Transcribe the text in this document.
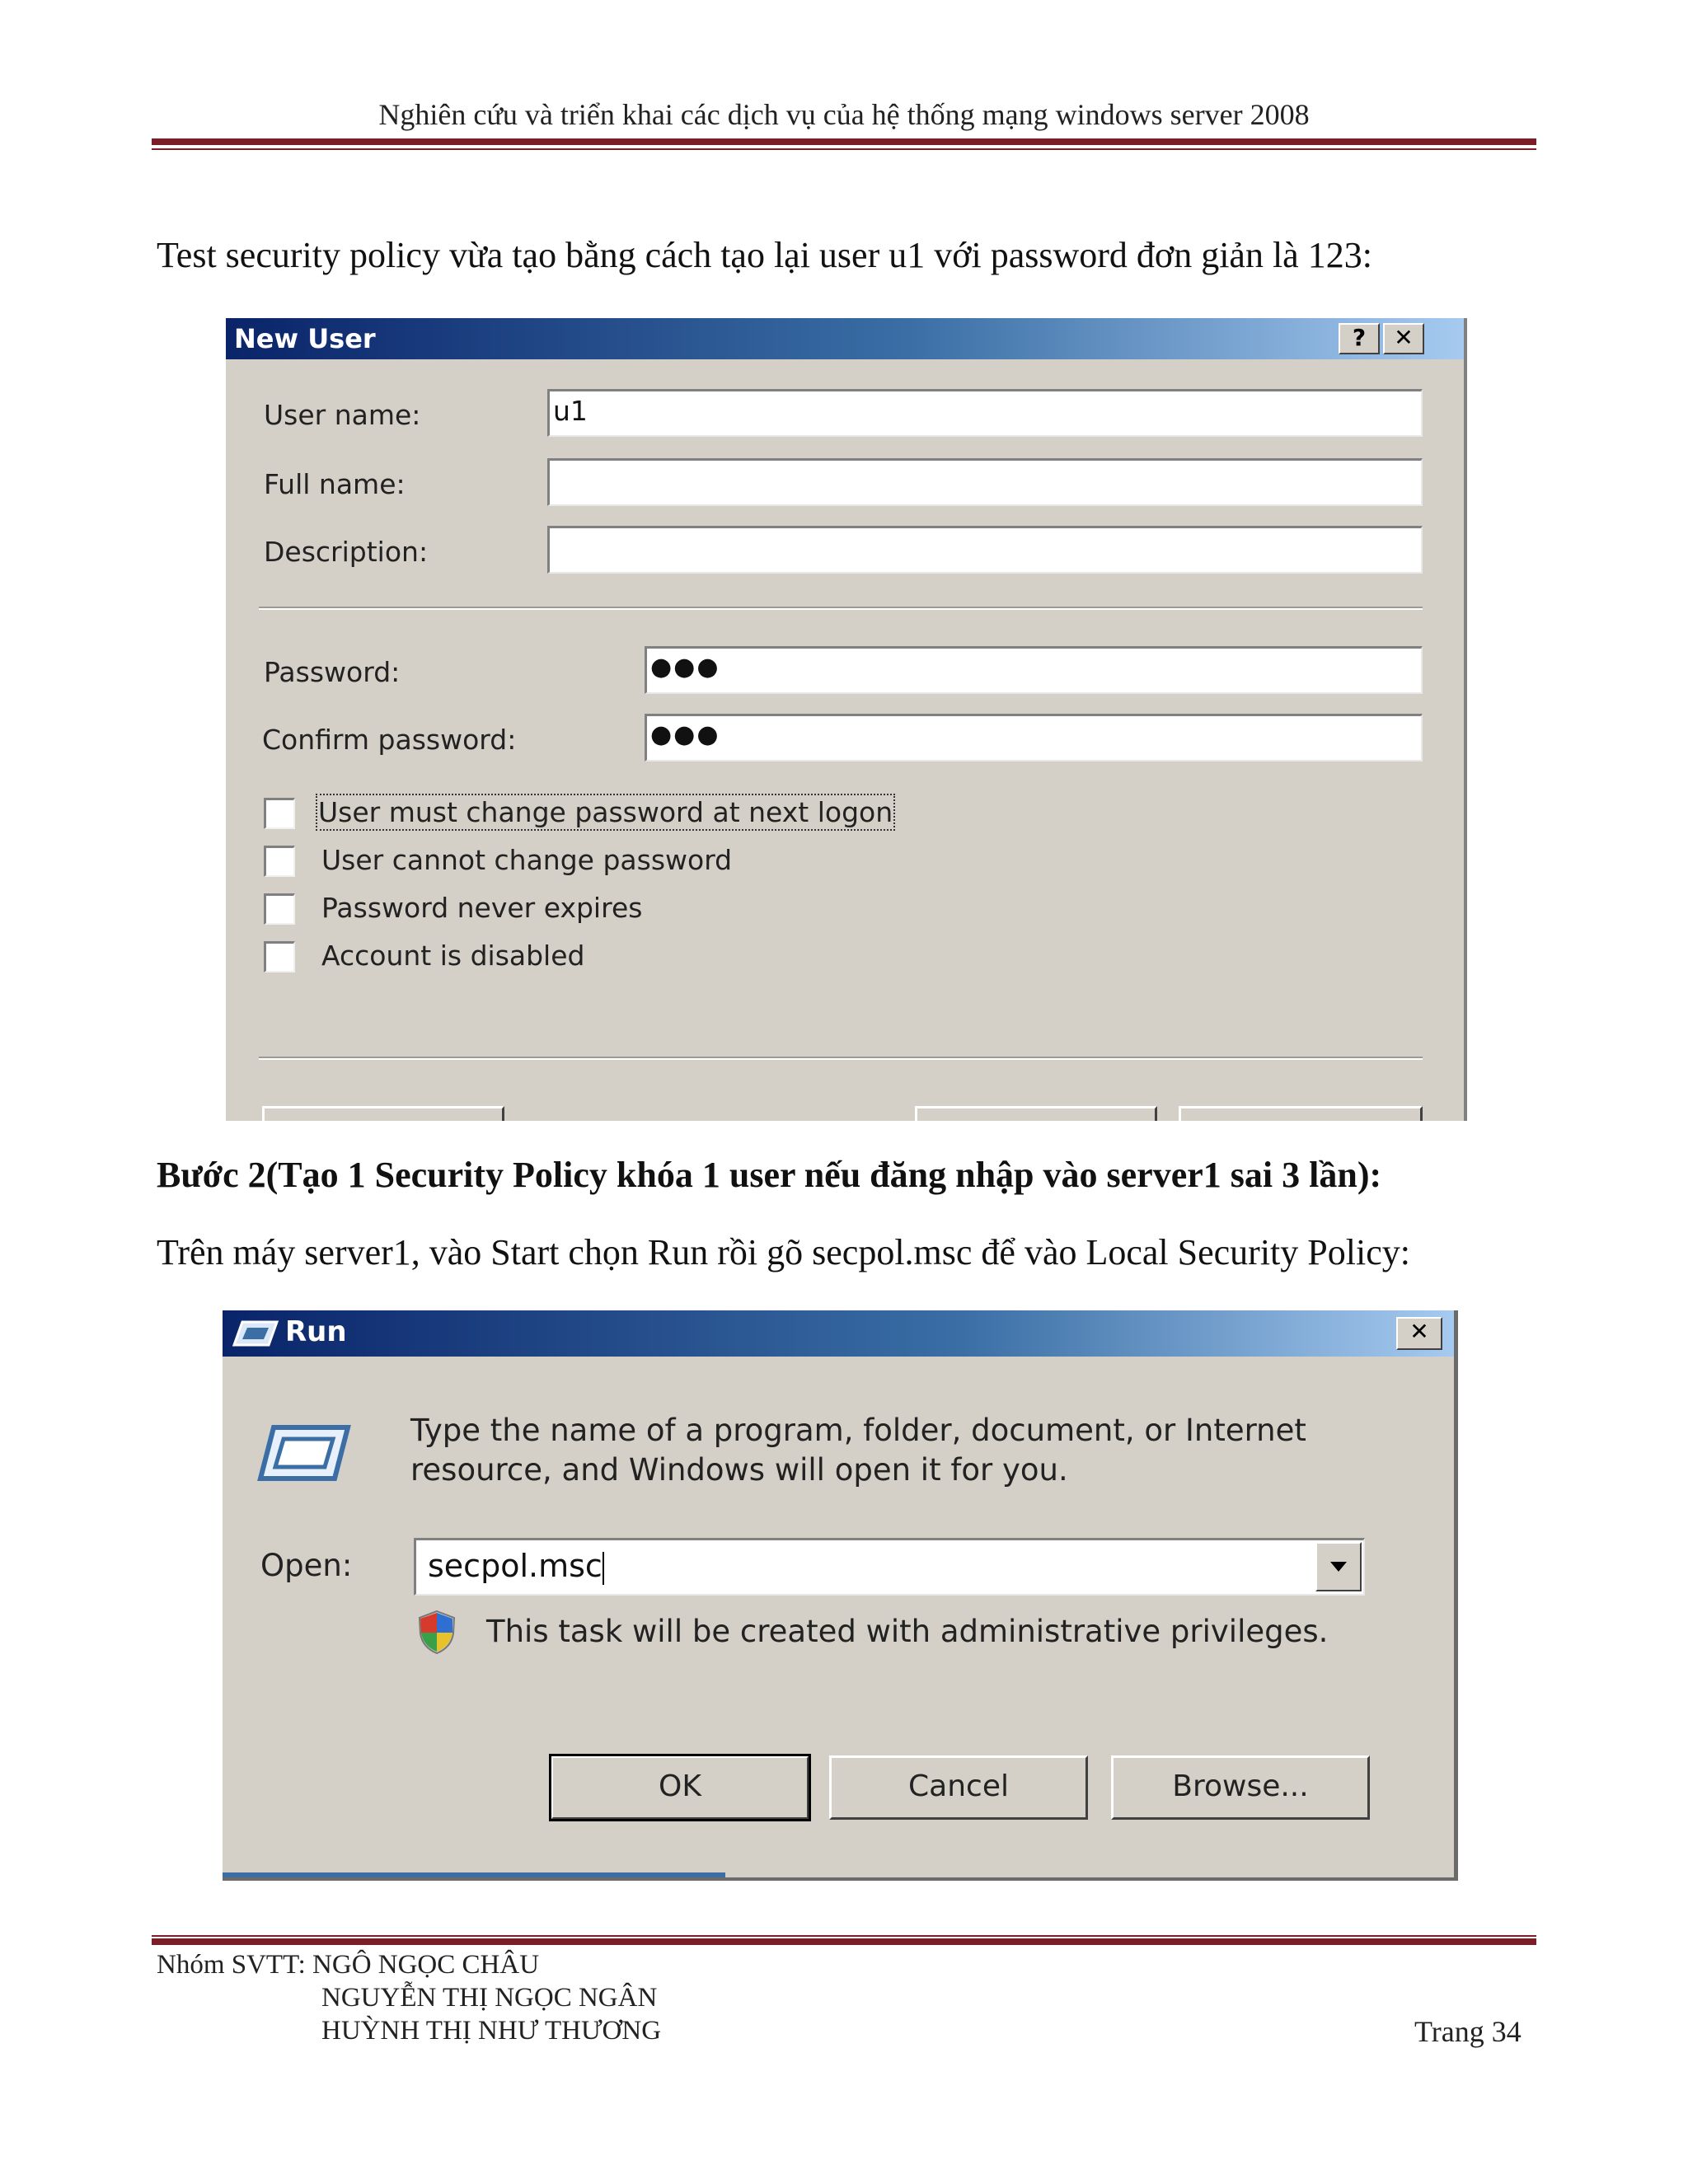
Nghiên cứu và triển khai các dịch vụ của hệ thống mạng windows server 2008
Test security policy vừa tạo bằng cách tạo lại user u1 với password đơn giản là 123:
New User	?	✕
User name:	u1
Full name:
Description:
Password:	●●●
Confirm password:	●●●
User must change password at next logon
User cannot change password
Password never expires
Account is disabled
Bước 2(Tạo 1 Security Policy khóa 1 user nếu đăng nhập vào server1 sai 3 lần):
Trên máy server1, vào Start chọn Run rồi gõ secpol.msc để vào Local Security Policy:
Run	✕
Type the name of a program, folder, document, or Internet
resource, and Windows will open it for you.
Open:	secpol.msc
This task will be created with administrative privileges.
OK	Cancel	Browse...
Nhóm SVTT: NGÔ NGỌC CHÂU
NGUYỄN THỊ NGỌC NGÂN
HUỲNH THỊ NHƯ THƯƠNG	Trang 34
